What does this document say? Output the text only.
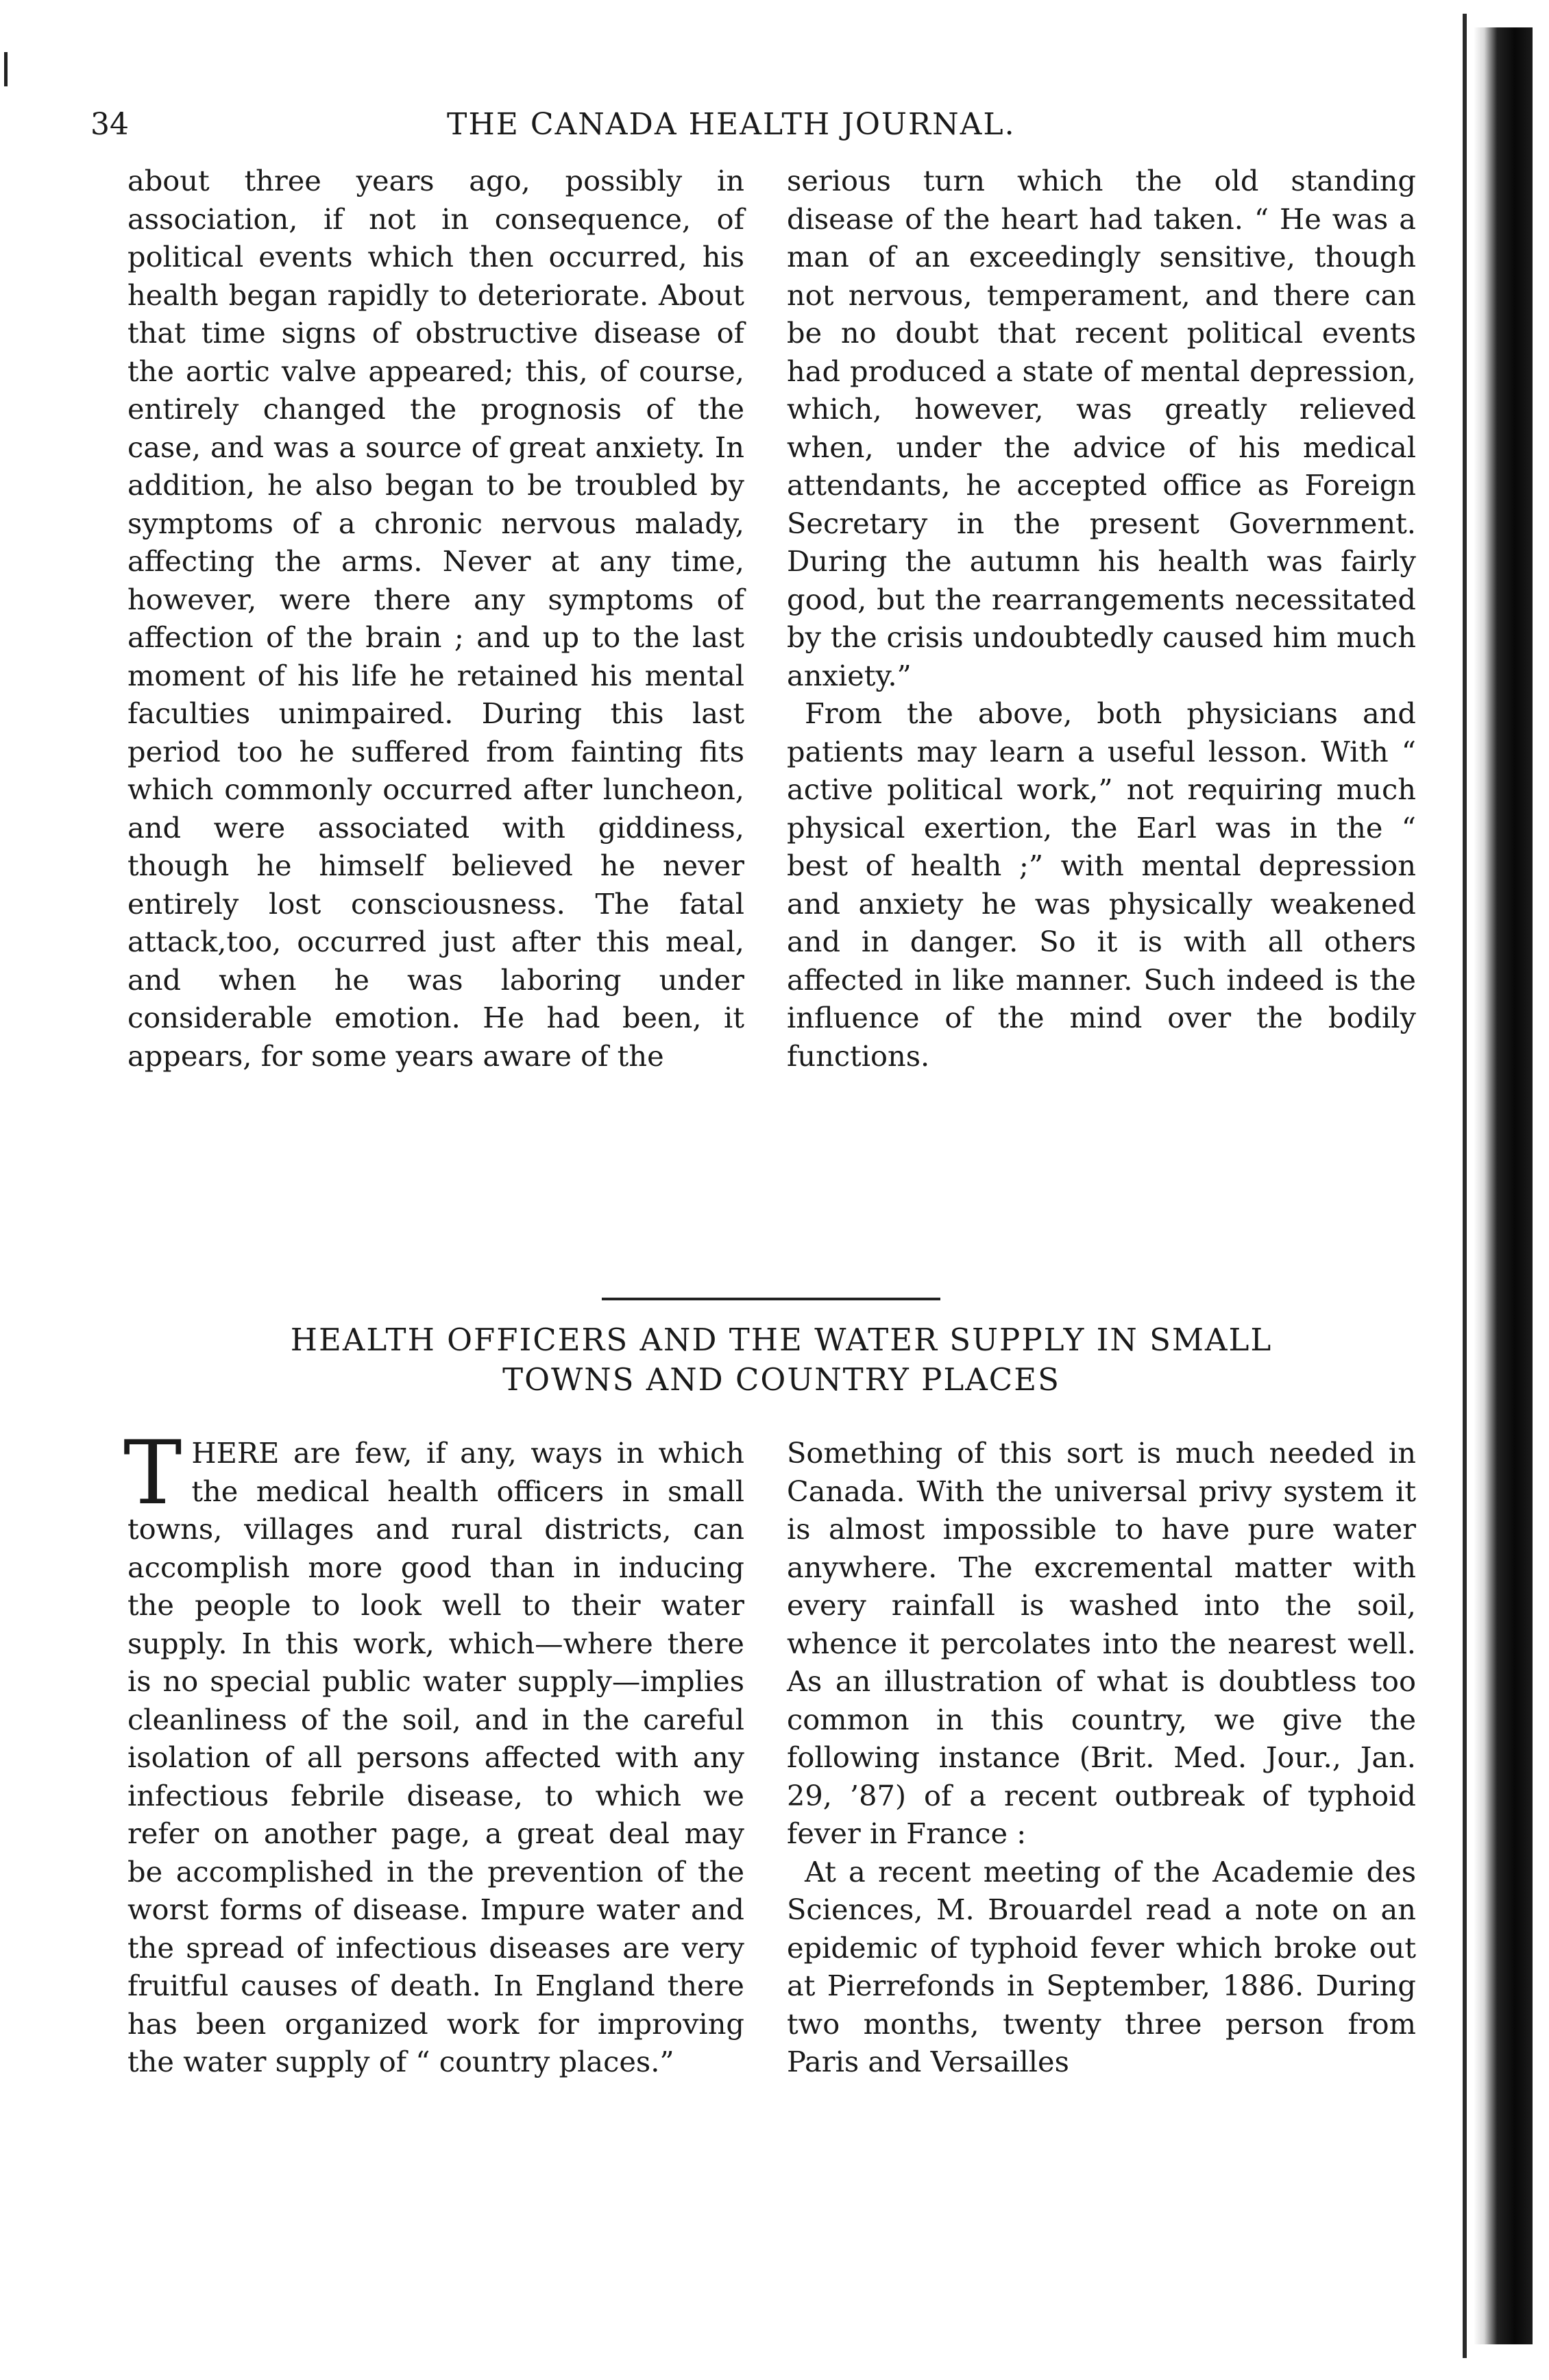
34	THE CANADA HEALTH JOURNAL.

about three years ago, possibly in association, if not in consequence, of political events which then occurred, his health began rapidly to deteriorate. About that time signs of obstructive disease of the aortic valve appeared; this, of course, entirely changed the prognosis of the case, and was a source of great anxiety. In addition, he also began to be troubled by symptoms of a chronic nervous malady, affecting the arms. Never at any time, however, were there any symptoms of affection of the brain ; and up to the last moment of his life he retained his mental faculties unimpaired. During this last period too he suffered from fainting fits which commonly occurred after luncheon, and were associated with giddiness, though he himself believed he never entirely lost consciousness. The fatal attack,too, occurred just after this meal, and when he was laboring under considerable emotion. He had been, it appears, for some years aware of the

serious turn which the old standing disease of the heart had taken. “ He was a man of an exceedingly sensitive, though not nervous, temperament, and there can be no doubt that recent political events had produced a state of mental depression, which, however, was greatly relieved when, under the advice of his medical attendants, he accepted office as Foreign Secretary in the present Government. During the autumn his health was fairly good, but the rearrangements necessitated by the crisis undoubtedly caused him much anxiety.”

From the above, both physicians and patients may learn a useful lesson. With “ active political work,” not requiring much physical exertion, the Earl was in the “ best of health ;” with mental depression and anxiety he was physically weakened and in danger. So it is with all others affected in like manner. Such indeed is the influence of the mind over the bodily functions.

HEALTH OFFICERS AND THE WATER SUPPLY IN SMALL
TOWNS AND COUNTRY PLACES

THERE are few, if any, ways in which the medical health officers in small towns, villages and rural districts, can accomplish more good than in inducing the people to look well to their water supply. In this work, which—where there is no special public water supply—implies cleanliness of the soil, and in the careful isolation of all persons affected with any infectious febrile disease, to which we refer on another page, a great deal may be accomplished in the prevention of the worst forms of disease. Impure water and the spread of infectious diseases are very fruitful causes of death. In England there has been organized work for improving the water supply of “ country places.”

Something of this sort is much needed in Canada. With the universal privy system it is almost impossible to have pure water anywhere. The excremental matter with every rainfall is washed into the soil, whence it percolates into the nearest well. As an illustration of what is doubtless too common in this country, we give the following instance (Brit. Med. Jour., Jan. 29, ’87) of a recent outbreak of typhoid fever in France :

At a recent meeting of the Academie des Sciences, M. Brouardel read a note on an epidemic of typhoid fever which broke out at Pierrefonds in September, 1886. During two months, twenty three person from Paris and Versailles
